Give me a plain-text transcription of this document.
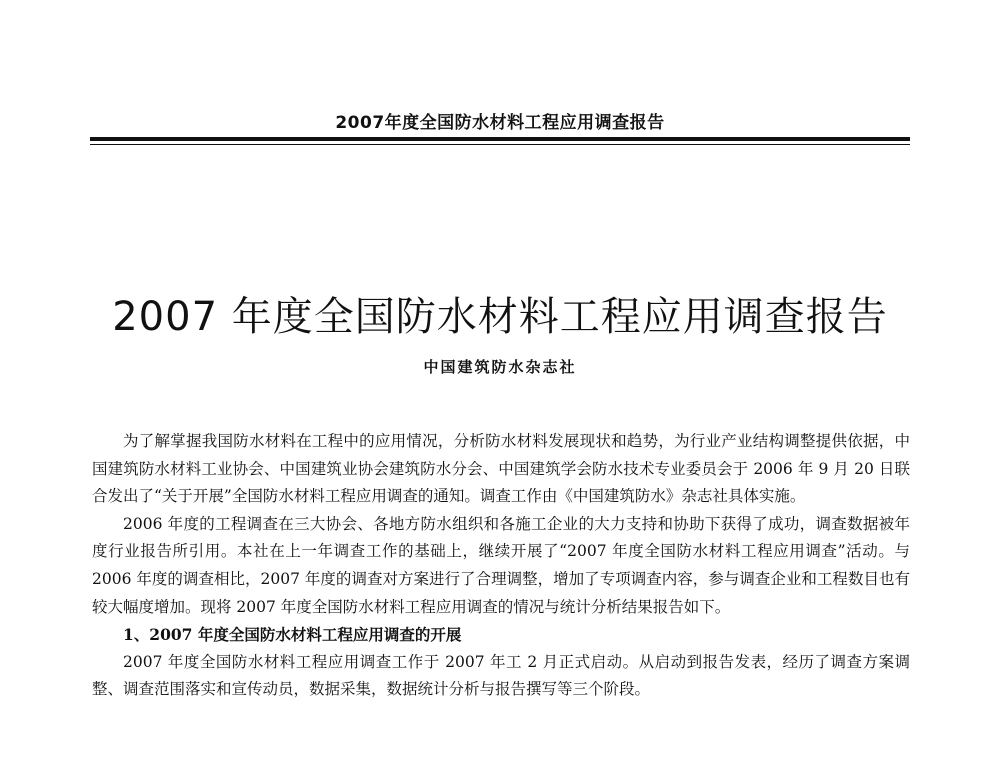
2007年度全国防水材料工程应用调查报告
2007 年度全国防水材料工程应用调查报告
中国建筑防水杂志社

为了解掌握我国防水材料在工程中的应用情况，分析防水材料发展现状和趋势，为行业产业结构调整提供依据，中国建筑防水材料工业协会、中国建筑业协会建筑防水分会、中国建筑学会防水技术专业委员会于 2006 年 9 月 20 日联合发出了“关于开展”全国防水材料工程应用调查的通知。调查工作由《中国建筑防水》杂志社具体实施。

2006 年度的工程调查在三大协会、各地方防水组织和各施工企业的大力支持和协助下获得了成功，调查数据被年度行业报告所引用。本社在上一年调查工作的基础上，继续开展了“2007 年度全国防水材料工程应用调查”活动。与 2006 年度的调查相比，2007 年度的调查对方案进行了合理调整，增加了专项调查内容，参与调查企业和工程数目也有较大幅度增加。现将 2007 年度全国防水材料工程应用调查的情况与统计分析结果报告如下。

1、2007 年度全国防水材料工程应用调查的开展

2007 年度全国防水材料工程应用调查工作于 2007 年工 2 月正式启动。从启动到报告发表，经历了调查方案调整、调查范围落实和宣传动员，数据采集，数据统计分析与报告撰写等三个阶段。
